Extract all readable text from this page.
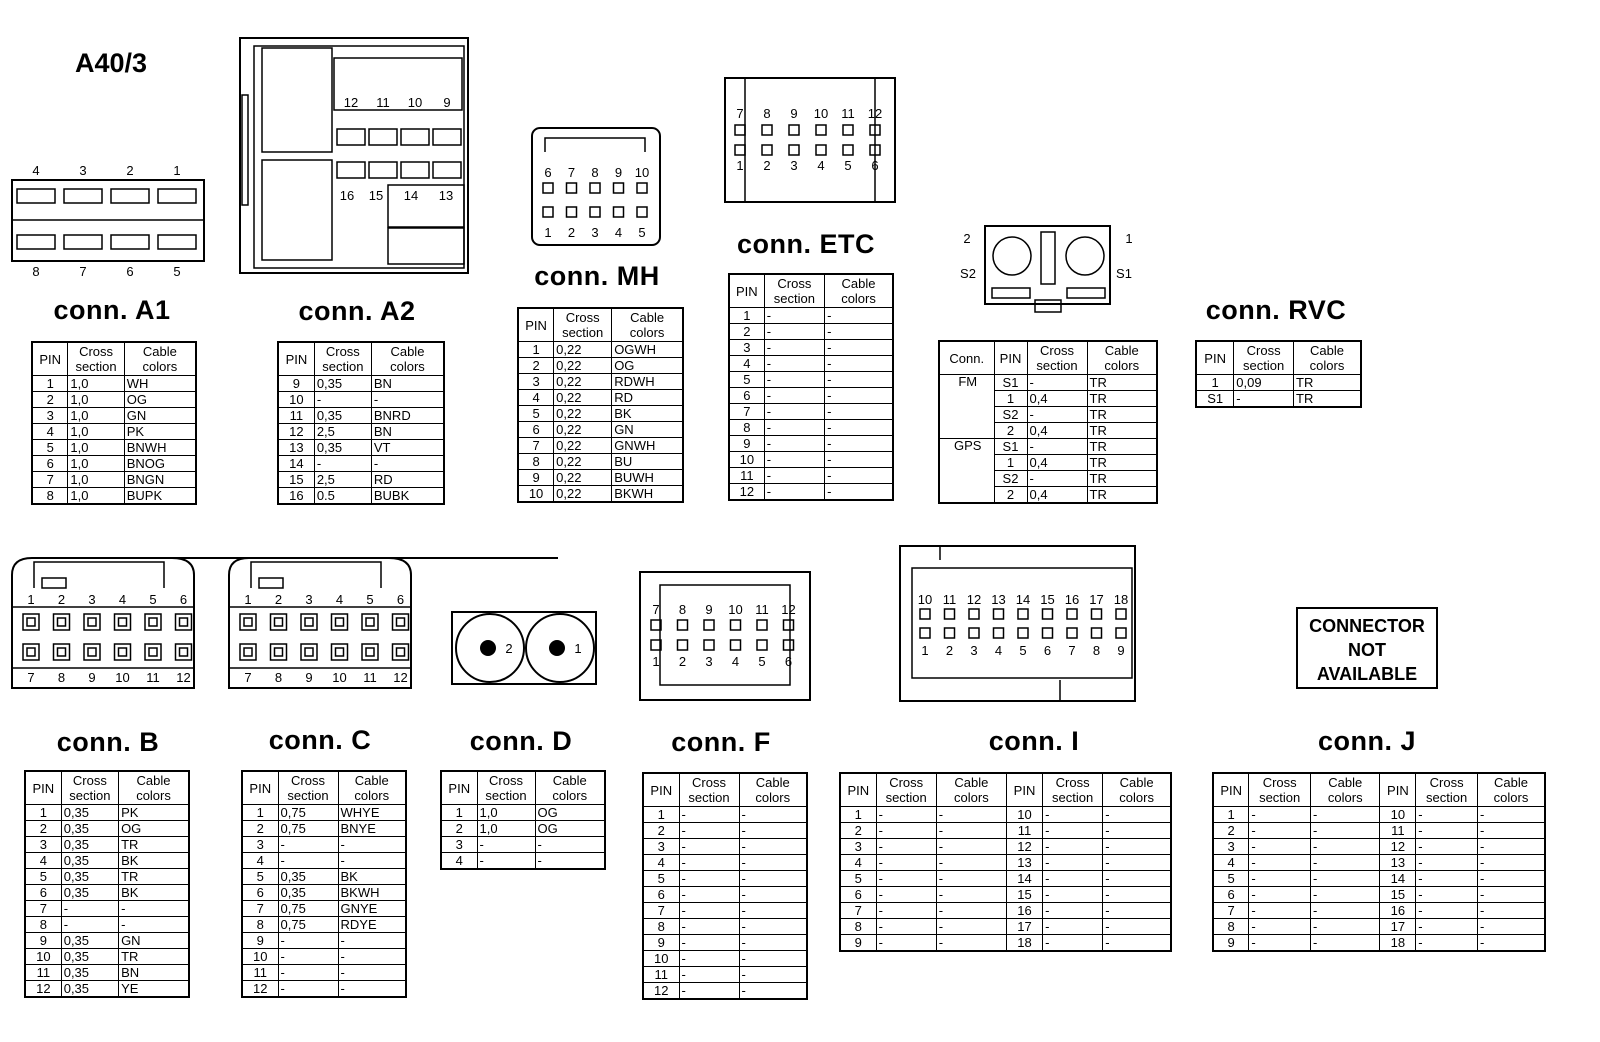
A40/3
4
8
3
7
2
6
1
5
12 11 10 9
16 15 14 13
6
1
7
2
8
3
9
4
10
5
7
1
8
2
9
3
10
4
11
5
12
6
2	1
S2	S1
1
7
2
8
3
9
4
10
5
11
6
12
1
7
2
8
3
9
4
10
5
11
6
12
2	1
7
1
8
2
9
3
10
4
11
5
12
6
10
1
11
2
12
3
13
4
14
5
15
6
16
7
17
8
18
9
conn. A1	conn. A2
conn. MH
conn. ETC
conn. RVC
conn. B	conn. C	conn. D	conn. F	conn. I	conn. J
CONNECTOR NOT AVAILABLE
PIN	Cross section	Cable colors
1	1,0	WH
2	1,0	OG
3	1,0	GN
4	1,0	PK
5	1,0	BNWH
6	1,0	BNOG
7	1,0	BNGN
8	1,0	BUPK
PIN	Cross section	Cable colors
9	0,35	BN
10	-	-
11	0,35	BNRD
12	2,5	BN
13	0,35	VT
14	-	-
15	2,5	RD
16	0.5	BUBK
PIN	Cross section	Cable colors
1	0,22	OGWH
2	0,22	OG
3	0,22	RDWH
4	0,22	RD
5	0,22	BK
6	0,22	GN
7	0,22	GNWH
8	0,22	BU
9	0,22	BUWH
10	0,22	BKWH
PIN	Cross section	Cable colors
1	-	-
2	-	-
3	-	-
4	-	-
5	-	-
6	-	-
7	-	-
8	-	-
9	-	-
10	-	-
11	-	-
12	-	-
Conn.	PIN	Cross section	Cable colors
FM	S1	-	TR
	1	0,4	TR
	S2	-	TR
	2	0,4	TR
GPS	S1	-	TR
	1	0,4	TR
	S2	-	TR
	2	0,4	TR
PIN	Cross section	Cable colors
1	0,09	TR
S1	-	TR
PIN	Cross section	Cable colors
1	0,35	PK
2	0,35	OG
3	0,35	TR
4	0,35	BK
5	0,35	TR
6	0,35	BK
7	-	-
8	-	-
9	0,35	GN
10	0,35	TR
11	0,35	BN
12	0,35	YE
PIN	Cross section	Cable colors
1	0,75	WHYE
2	0,75	BNYE
3	-	-
4	-	-
5	0,35	BK
6	0,35	BKWH
7	0,75	GNYE
8	0,75	RDYE
9	-	-
10	-	-
11	-	-
12	-	-
PIN	Cross section	Cable colors
1	1,0	OG
2	1,0	OG
3	-	-
4	-	-
PIN	Cross section	Cable colors
1	-	-
2	-	-
3	-	-
4	-	-
5	-	-
6	-	-
7	-	-
8	-	-
9	-	-
10	-	-
11	-	-
12	-	-
PIN	Cross section	Cable colors	PIN	Cross section	Cable colors
1	-	-	10	-	-
2	-	-	11	-	-
3	-	-	12	-	-
4	-	-	13	-	-
5	-	-	14	-	-
6	-	-	15	-	-
7	-	-	16	-	-
8	-	-	17	-	-
9	-	-	18	-	-
PIN	Cross section	Cable colors	PIN	Cross section	Cable colors
1	-	-	10	-	-
2	-	-	11	-	-
3	-	-	12	-	-
4	-	-	13	-	-
5	-	-	14	-	-
6	-	-	15	-	-
7	-	-	16	-	-
8	-	-	17	-	-
9	-	-	18	-	-
